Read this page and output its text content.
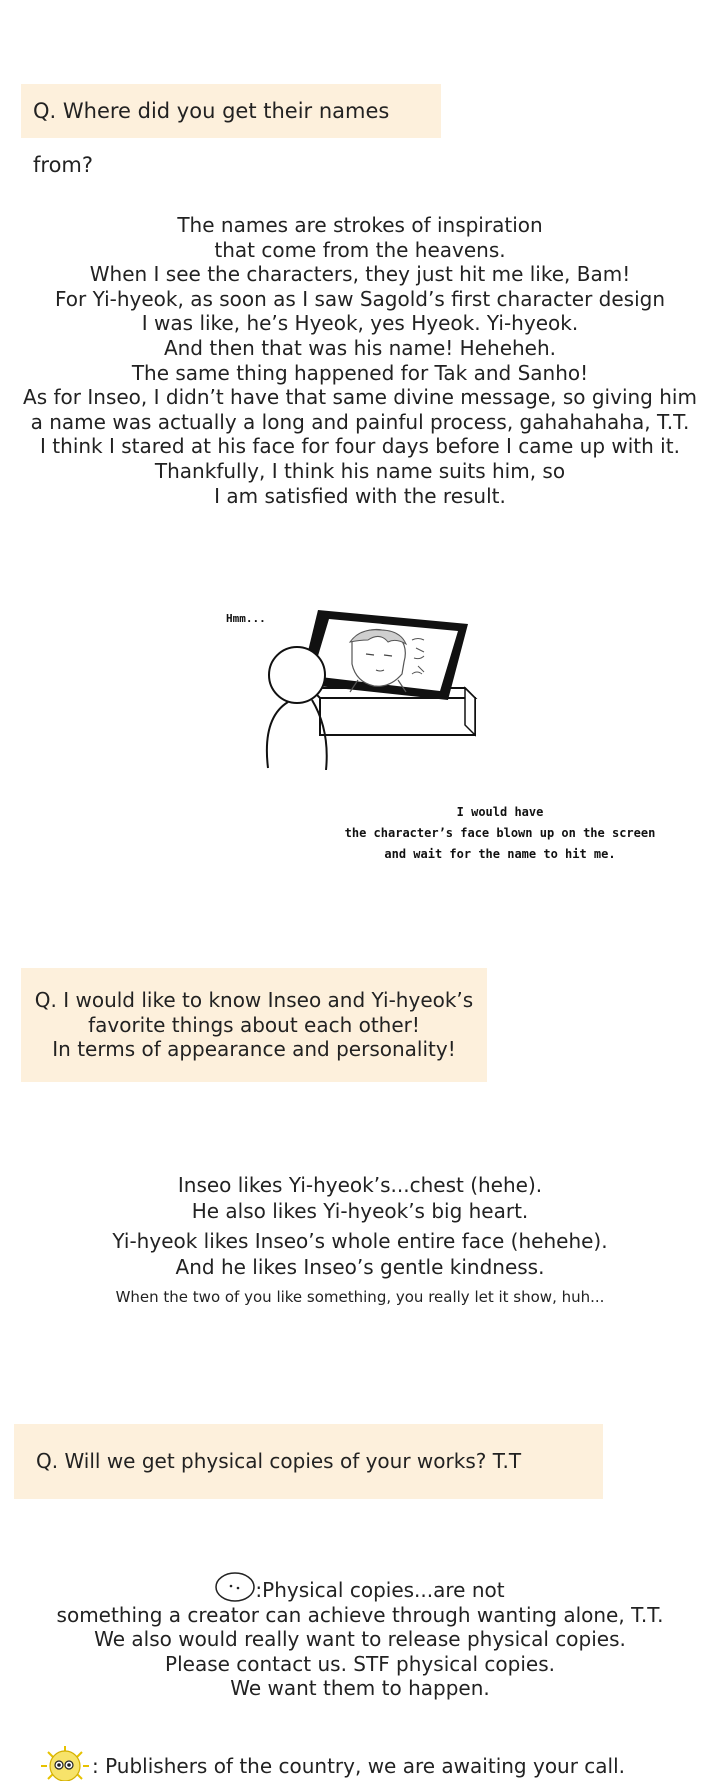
Q. Where did you get their names from?
The names are strokes of inspiration
that come from the heavens.
When I see the characters, they just hit me like, Bam!
For Yi-hyeok, as soon as I saw Sagold’s first character design
I was like, he’s Hyeok, yes Hyeok. Yi-hyeok.
And then that was his name! Heheheh.
The same thing happened for Tak and Sanho!
As for Inseo, I didn’t have that same divine message, so giving him
a name was actually a long and painful process, gahahahaha, T.T.
I think I stared at his face for four days before I came up with it.
Thankfully, I think his name suits him, so
I am satisfied with the result.
Hmm...
I would have
the character’s face blown up on the screen
and wait for the name to hit me.
Q. I would like to know Inseo and Yi-hyeok’s
favorite things about each other!
In terms of appearance and personality!
Inseo likes Yi-hyeok’s...chest (hehe).
He also likes Yi-hyeok’s big heart.
Yi-hyeok likes Inseo’s whole entire face (hehehe).
And he likes Inseo’s gentle kindness.
When the two of you like something, you really let it show, huh...
Q. Will we get physical copies of your works? T.T
:Physical copies...are not
something a creator can achieve through wanting alone, T.T.
We also would really want to release physical copies.
Please contact us. STF physical copies.
We want them to happen.
: Publishers of the country, we are awaiting your call.
